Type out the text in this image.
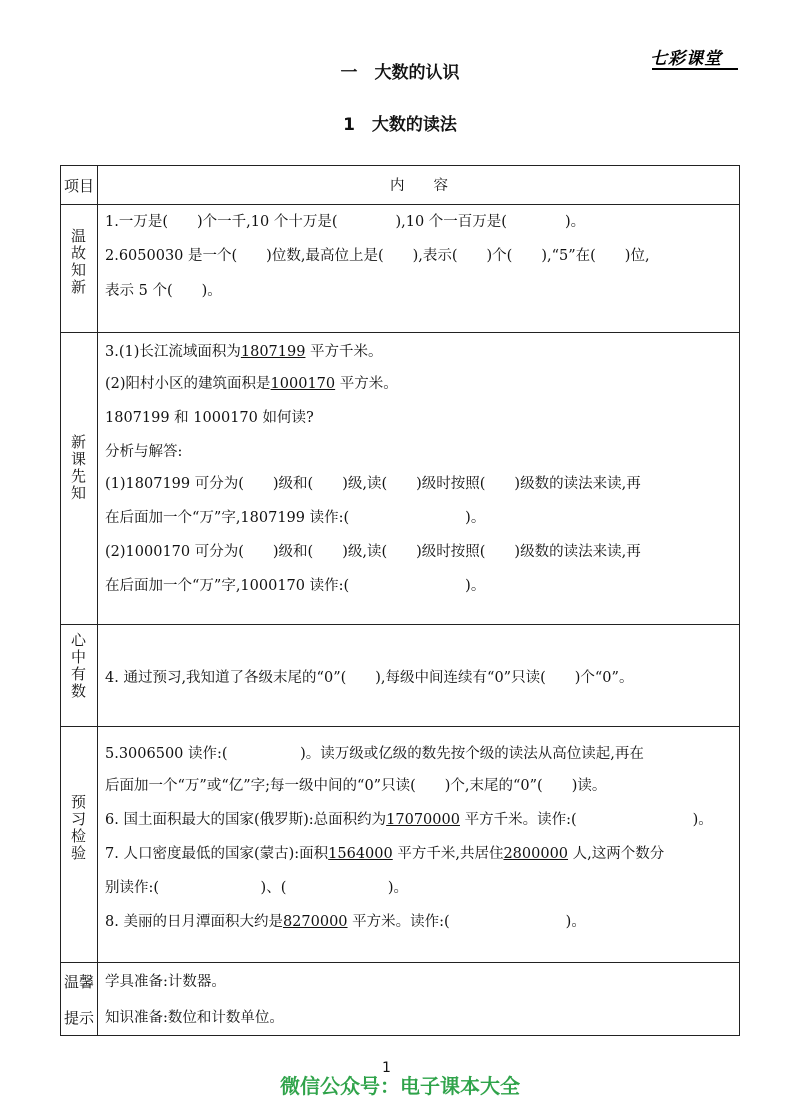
七彩课堂
一　大数的认识
1　大数的读法
项目	内　　容
温故知新
1.一万是(　　)个一千,10 个十万是(　　　　),10 个一百万是(　　　　)。
2.6050030 是一个(　　)位数,最高位上是(　　),表示(　　)个(　　),“5”在(　　)位,
表示 5 个(　　)。
新课先知
3.(1)长江流域面积为1807199 平方千米。
(2)阳村小区的建筑面积是1000170 平方米。
1807199 和 1000170 如何读?
分析与解答:
(1)1807199 可分为(　　)级和(　　)级,读(　　)级时按照(　　)级数的读法来读,再
在后面加一个“万”字,1807199 读作:(　　　　　　　　)。
(2)1000170 可分为(　　)级和(　　)级,读(　　)级时按照(　　)级数的读法来读,再
在后面加一个“万”字,1000170 读作:(　　　　　　　　)。
心中有数 4. 通过预习,我知道了各级末尾的“0”(　　),每级中间连续有“0”只读(　　)个“0”。
预习检验
5.3006500 读作:(　　　　　)。读万级或亿级的数先按个级的读法从高位读起,再在
后面加一个“万”或“亿”字;每一级中间的“0”只读(　　)个,末尾的“0”(　　)读。
6. 国土面积最大的国家(俄罗斯):总面积约为17070000 平方千米。读作:(　　　　　　　　)。
7. 人口密度最低的国家(蒙古):面积1564000 平方千米,共居住2800000 人,这两个数分
别读作:(　　　　　　　)、(　　　　　　　)。
8. 美丽的日月潭面积大约是8270000 平方米。读作:(　　　　　　　　)。
温馨
提示
学具准备:计数器。
知识准备:数位和计数单位。
1
微信公众号：电子课本大全
